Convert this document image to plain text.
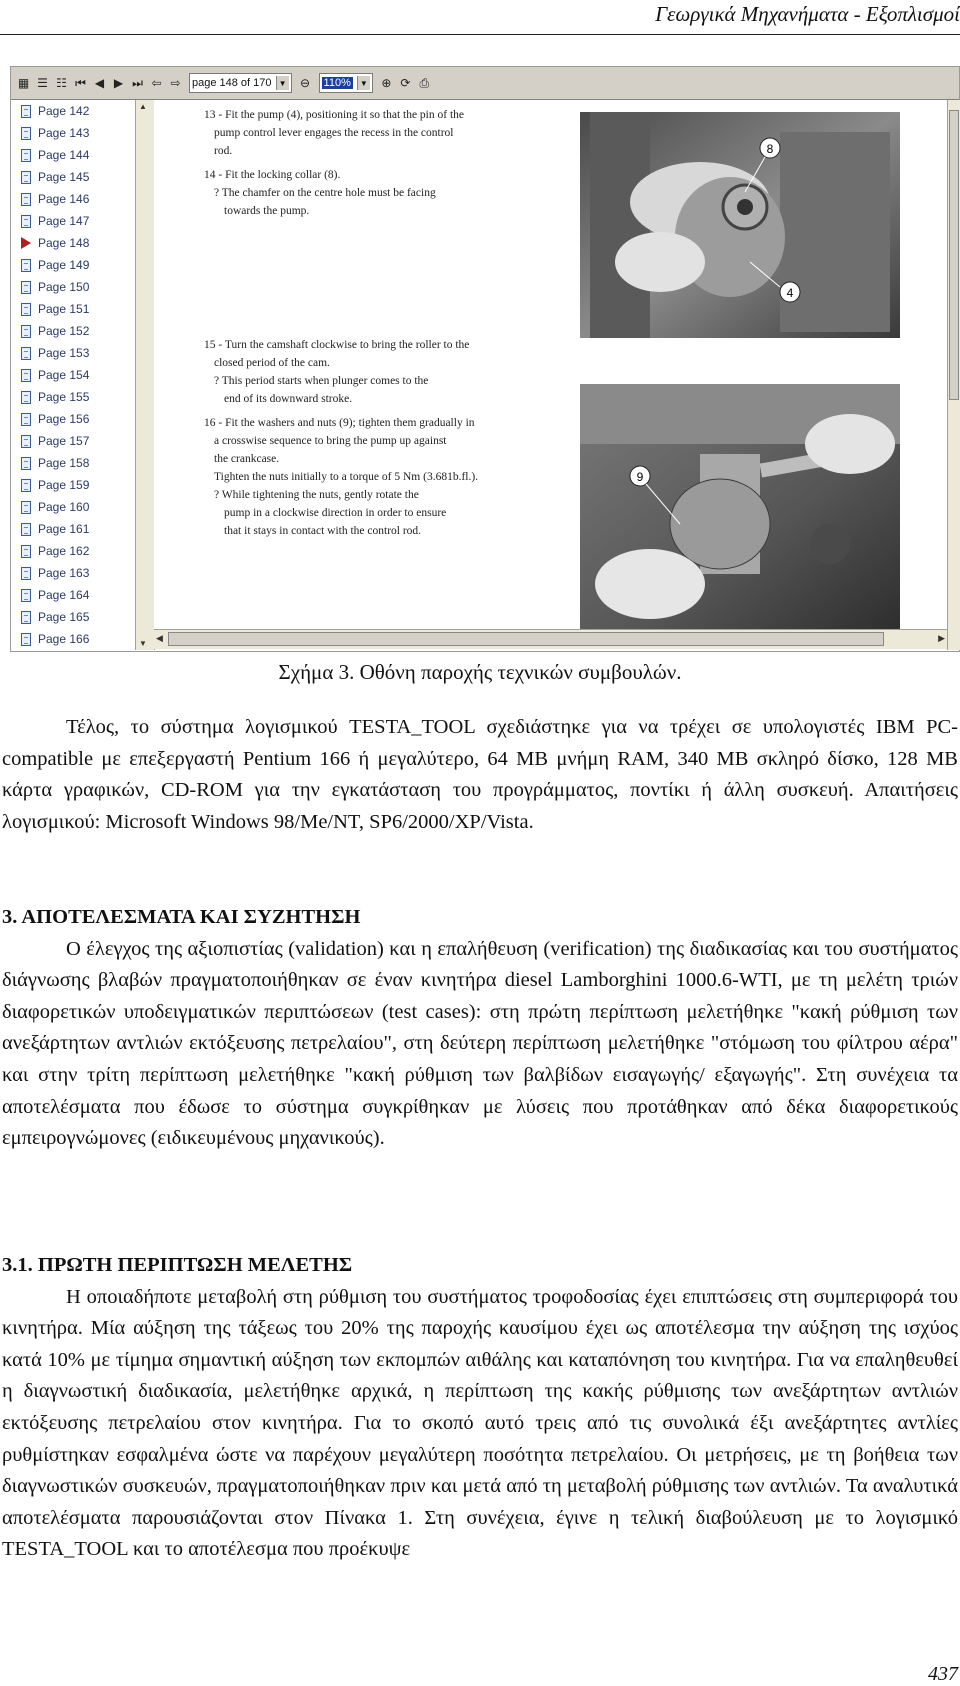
Γεωργικά Μηχανήματα - Εξοπλισμοί
▦ ☰ ☷ ⏮ ◀ ▶ ⏭ ⇦ ⇨	page 148 of 170 ▼ ⊖	110%	▼ ⊕ ⟳ ⎙
Page 142
Page 143
Page 144
Page 145
Page 146
Page 147
Page 148
Page 149
Page 150
Page 151
Page 152
Page 153
Page 154
Page 155
Page 156
Page 157
Page 158
Page 159
Page 160
Page 161
Page 162
Page 163
Page 164
Page 165
Page 166
▲
▼

13 - Fit the pump (4), positioning it so that the pin of the

pump control lever engages the recess in the control

rod.

14 - Fit the locking collar (8).

? The chamfer on the centre hole must be facing

towards the pump.

15 - Turn the camshaft clockwise to bring the roller to the

closed period of the cam.

? This period starts when plunger comes to the

end of its downward stroke.

16 - Fit the washers and nuts (9); tighten them gradually in

a crosswise sequence to bring the pump up against

the crankcase.

Tighten the nuts initially to a torque of 5 Nm (3.681b.fl.).

? While tightening the nuts, gently rotate the

pump in a clockwise direction in order to ensure

that it stays in contact with the control rod.

8
4
9
◀	▶
Σχήμα 3. Οθόνη παροχής τεχνικών συμβουλών.

Τέλος, το σύστημα λογισμικού TESTA_TOOL σχεδιάστηκε για να τρέχει σε υπολογιστές IBM PC-compatible με επεξεργαστή Pentium 166 ή μεγαλύτερο, 64 MB μνήμη RAM, 340 MB σκληρό δίσκο, 128 MB κάρτα γραφικών, CD-ROM για την εγκατάσταση του προγράμματος, ποντίκι ή άλλη συσκευή. Απαιτήσεις λογισμικού: Microsoft Windows 98/Me/NT, SP6/2000/XP/Vista.

3. ΑΠΟΤΕΛΕΣΜΑΤΑ ΚΑΙ ΣΥΖΗΤΗΣΗ

Ο έλεγχος της αξιοπιστίας (validation) και η επαλήθευση (verification) της διαδικασίας και του συστήματος διάγνωσης βλαβών πραγματοποιήθηκαν σε έναν κινητήρα diesel Lamborghini 1000.6-WTI, με τη μελέτη τριών διαφορετικών υποδειγματικών περιπτώσεων (test cases): στη πρώτη περίπτωση μελετήθηκε "κακή ρύθμιση των ανεξάρτητων αντλιών εκτόξευσης πετρελαίου", στη δεύτερη περίπτωση μελετήθηκε "στόμωση του φίλτρου αέρα" και στην τρίτη περίπτωση μελετήθηκε "κακή ρύθμιση των βαλβίδων εισαγωγής/ εξαγωγής". Στη συνέχεια τα αποτελέσματα που έδωσε το σύστημα συγκρίθηκαν με λύσεις που προτάθηκαν από δέκα διαφορετικούς εμπειρογνώμονες (ειδικευμένους μηχανικούς).

3.1. ΠΡΩΤΗ ΠΕΡΙΠΤΩΣΗ ΜΕΛΕΤΗΣ

Η οποιαδήποτε μεταβολή στη ρύθμιση του συστήματος τροφοδοσίας έχει επιπτώσεις στη συμπεριφορά του κινητήρα. Μία αύξηση της τάξεως του 20% της παροχής καυσίμου έχει ως αποτέλεσμα την αύξηση της ισχύος κατά 10% με τίμημα σημαντική αύξηση των εκπομπών αιθάλης και καταπόνηση του κινητήρα. Για να επαληθευθεί η διαγνωστική διαδικασία, μελετήθηκε αρχικά, η περίπτωση της κακής ρύθμισης των ανεξάρτητων αντλιών εκτόξευσης πετρελαίου στον κινητήρα. Για το σκοπό αυτό τρεις από τις συνολικά έξι ανεξάρτητες αντλίες ρυθμίστηκαν εσφαλμένα ώστε να παρέχουν μεγαλύτερη ποσότητα πετρελαίου. Οι μετρήσεις, με τη βοήθεια των διαγνωστικών συσκευών, πραγματοποιήθηκαν πριν και μετά από τη μεταβολή ρύθμισης των αντλιών. Τα αναλυτικά αποτελέσματα παρουσιάζονται στον Πίνακα 1. Στη συνέχεια, έγινε η τελική διαβούλευση με το λογισμικό TESTA_TOOL και το αποτέλεσμα που προέκυψε

437
